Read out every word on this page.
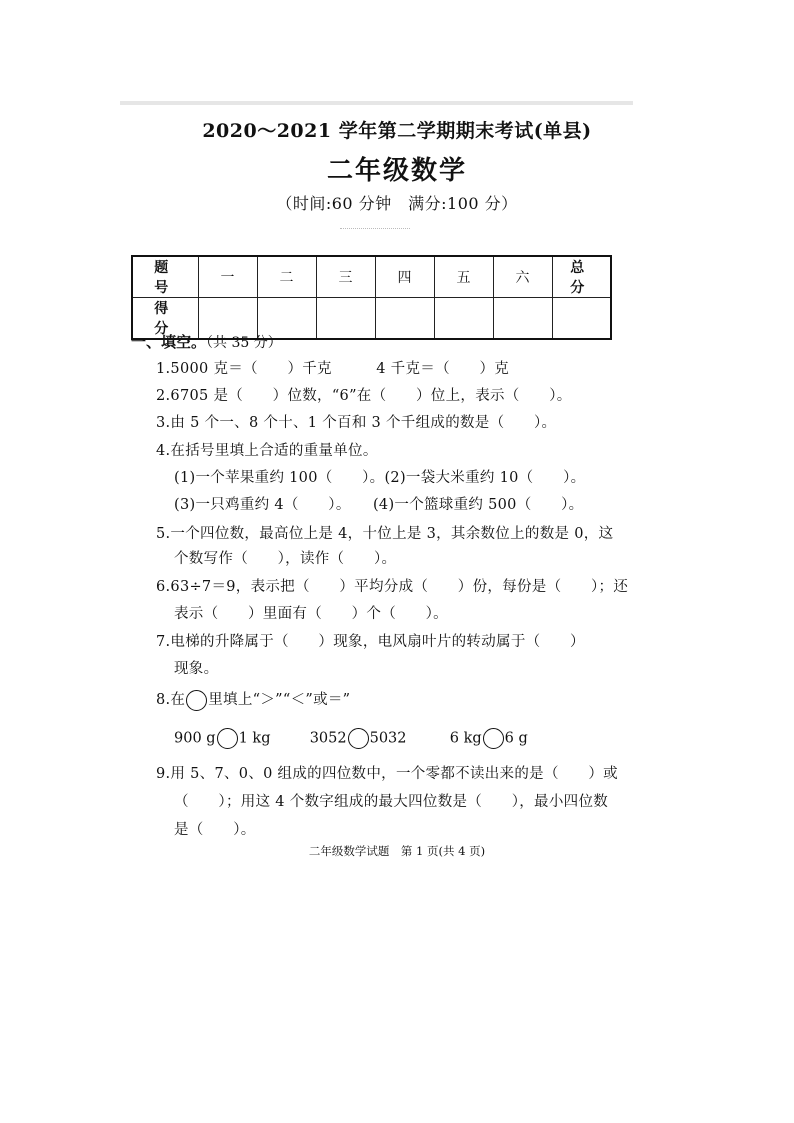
2020～2021 学年第二学期期末考试(单县)
二年级数学
（时间:60 分钟　满分:100 分）
题　号	一	二	三	四	五	六	总　分
得　分							
一、填空。（共 35 分）
1.5000 克＝（　　）千克　　　4 千克＝（　　）克
2.6705 是（　　）位数，“6”在（　　）位上，表示（　　）。
3.由 5 个一、8 个十、1 个百和 3 个千组成的数是（　　）。
4.在括号里填上合适的重量单位。
(1)一个苹果重约 100（　　）。(2)一袋大米重约 10（　　）。
(3)一只鸡重约 4（　　）。　　(4)一个篮球重约 500（　　）。
5.一个四位数，最高位上是 4，十位上是 3，其余数位上的数是 0，这
个数写作（　　），读作（　　）。
6.63÷7＝9，表示把（　　）平均分成（　　）份，每份是（　　）；还
表示（　　）里面有（　　）个（　　）。
7.电梯的升降属于（　　）现象，电风扇叶片的转动属于（　　）
现象。
8.在 里填上“＞”“＜”或＝”
900 g 1 kg	3052 5032	6 kg 6 g
9.用 5、7、0、0 组成的四位数中，一个零都不读出来的是（　　）或
（　　）；用这 4 个数字组成的最大四位数是（　　），最小四位数
是（　　）。
二年级数学试题　第 1 页(共 4 页)
